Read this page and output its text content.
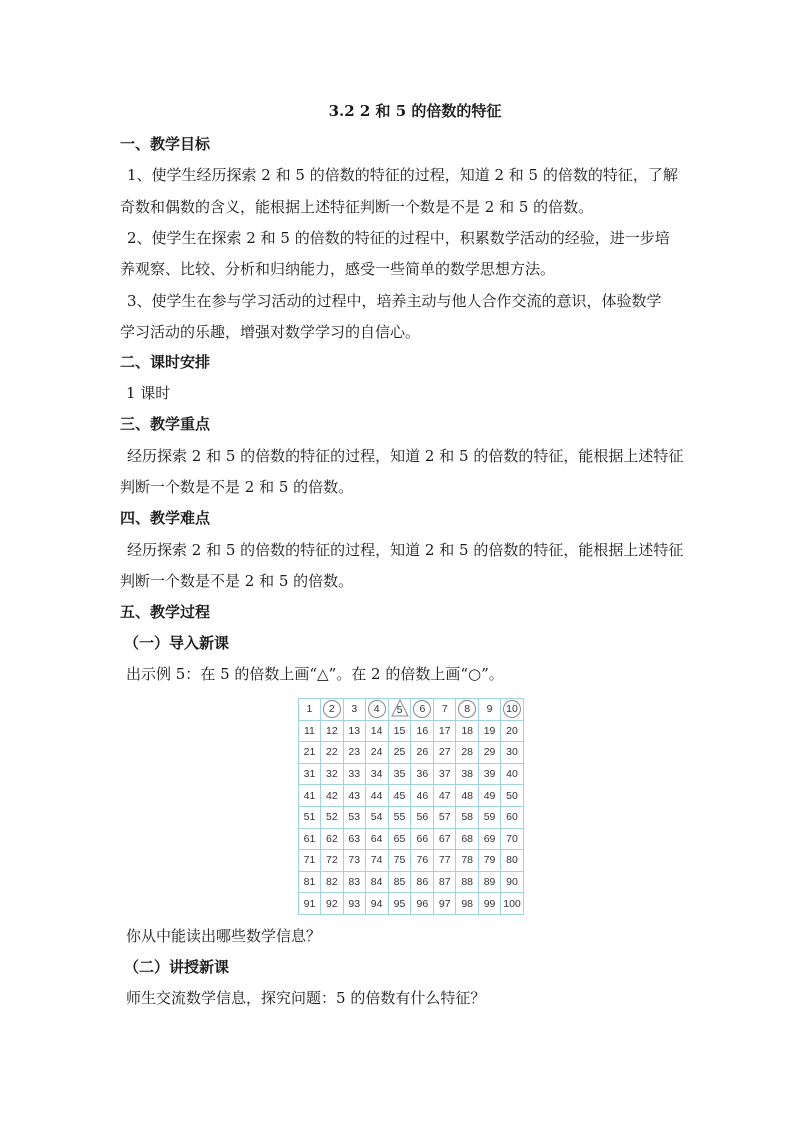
3.2 2 和 5 的倍数的特征
一、教学目标
1、使学生经历探索 2 和 5 的倍数的特征的过程，知道 2 和 5 的倍数的特征，了解
奇数和偶数的含义，能根据上述特征判断一个数是不是 2 和 5 的倍数。
2、使学生在探索 2 和 5 的倍数的特征的过程中，积累数学活动的经验，进一步培
养观察、比较、分析和归纳能力，感受一些简单的数学思想方法。
3、使学生在参与学习活动的过程中，培养主动与他人合作交流的意识，体验数学
学习活动的乐趣，增强对数学学习的自信心。
二、课时安排
1 课时
三、教学重点
经历探索 2 和 5 的倍数的特征的过程，知道 2 和 5 的倍数的特征，能根据上述特征
判断一个数是不是 2 和 5 的倍数。
四、教学难点
经历探索 2 和 5 的倍数的特征的过程，知道 2 和 5 的倍数的特征，能根据上述特征
判断一个数是不是 2 和 5 的倍数。
五、教学过程
（一）导入新课
出示例 5：在 5 的倍数上画“△”。在 2 的倍数上画“○”。
1	2	3	4	5	6	7	8	9	10
11	12	13	14	15	16	17	18	19	20
21	22	23	24	25	26	27	28	29	30
31	32	33	34	35	36	37	38	39	40
41	42	43	44	45	46	47	48	49	50
51	52	53	54	55	56	57	58	59	60
61	62	63	64	65	66	67	68	69	70
71	72	73	74	75	76	77	78	79	80
81	82	83	84	85	86	87	88	89	90
91	92	93	94	95	96	97	98	99	100
你从中能读出哪些数学信息？
（二）讲授新课
师生交流数学信息，探究问题：5 的倍数有什么特征？
